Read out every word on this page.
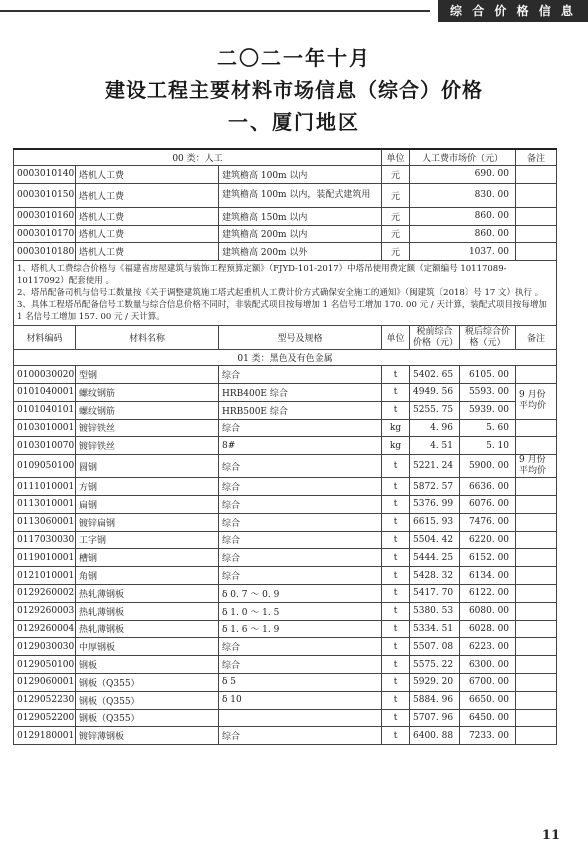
综 合 价 格 信 息
二〇二一年十月
建设工程主要材料市场信息（综合）价格
一、厦门地区
00 类：人工			单位	人工费市场价（元）		备注
0003010140	塔机人工费	建筑檐高 100m 以内	元	690. 00		
0003010150	塔机人工费	建筑檐高 100m 以内，装配式建筑用	元	830. 00		
0003010160	塔机人工费	建筑檐高 150m 以内	元	860. 00		
0003010170	塔机人工费	建筑檐高 200m 以内	元	860. 00		
0003010180	塔机人工费	建筑檐高 200m 以外	元	1037. 00		

1、塔机人工费综合价格与《福建省房屋建筑与装饰工程预算定额》（FJYD-101-2017）中塔吊使用费定额（定额编号 10117089-10117092）配套使用 。
2、塔吊配备司机与信号工数量按《关于调整建筑施工塔式起重机人工费计价方式确保安全施工的通知》（闽建筑〔2018〕号 17 文）执行 。
3、具体工程塔吊配备信号工数量与综合信息价格不同时，非装配式项目按每增加 1 名信号工增加 170. 00 元 / 天计算，装配式项目按每增加 1 名信号工增加 157. 00 元 / 天计算。						

材料编码	材料名称	型号及规格	单位	税前综合价格（元）	税后综合价格（元）	备注
01 类：黑色及有色金属						
0100030020	型钢	综合	t	5402. 65	6105. 00	
0101040001	螺纹钢筋	HRB400E 综合	t	4949. 56	5593. 00	9 月份平均价
0101040101	螺纹钢筋	HRB500E 综合	t	5255. 75	5939. 00	
0103010001	镀锌铁丝	综合	kg	4. 96	5. 60	
0103010070	镀锌铁丝	8#	kg	4. 51	5. 10	
0109050100	圆钢	综合	t	5221. 24	5900. 00	9 月份平均价
0111010001	方钢	综合	t	5872. 57	6636. 00	
0113010001	扁钢	综合	t	5376. 99	6076. 00	
0113060001	镀锌扁钢	综合	t	6615. 93	7476. 00	
0117030030	工字钢	综合	t	5504. 42	6220. 00	
0119010001	槽钢	综合	t	5444. 25	6152. 00	
0121010001	角钢	综合	t	5428. 32	6134. 00	
0129260002	热轧薄钢板	δ 0. 7 ～ 0. 9	t	5417. 70	6122. 00	
0129260003	热轧薄钢板	δ 1. 0 ～ 1. 5	t	5380. 53	6080. 00	
0129260004	热轧薄钢板	δ 1. 6 ～ 1. 9	t	5334. 51	6028. 00	
0129030030	中厚钢板	综合	t	5507. 08	6223. 00	
0129050100	钢板	综合	t	5575. 22	6300. 00	
0129060001	钢板（Q355）	δ 5	t	5929. 20	6700. 00	
0129052230	钢板（Q355）	δ 10	t	5884. 96	6650. 00	
0129052200	钢板（Q355）		t	5707. 96	6450. 00	
0129180001	镀锌薄钢板	综合	t	6400. 88	7233. 00	
11
